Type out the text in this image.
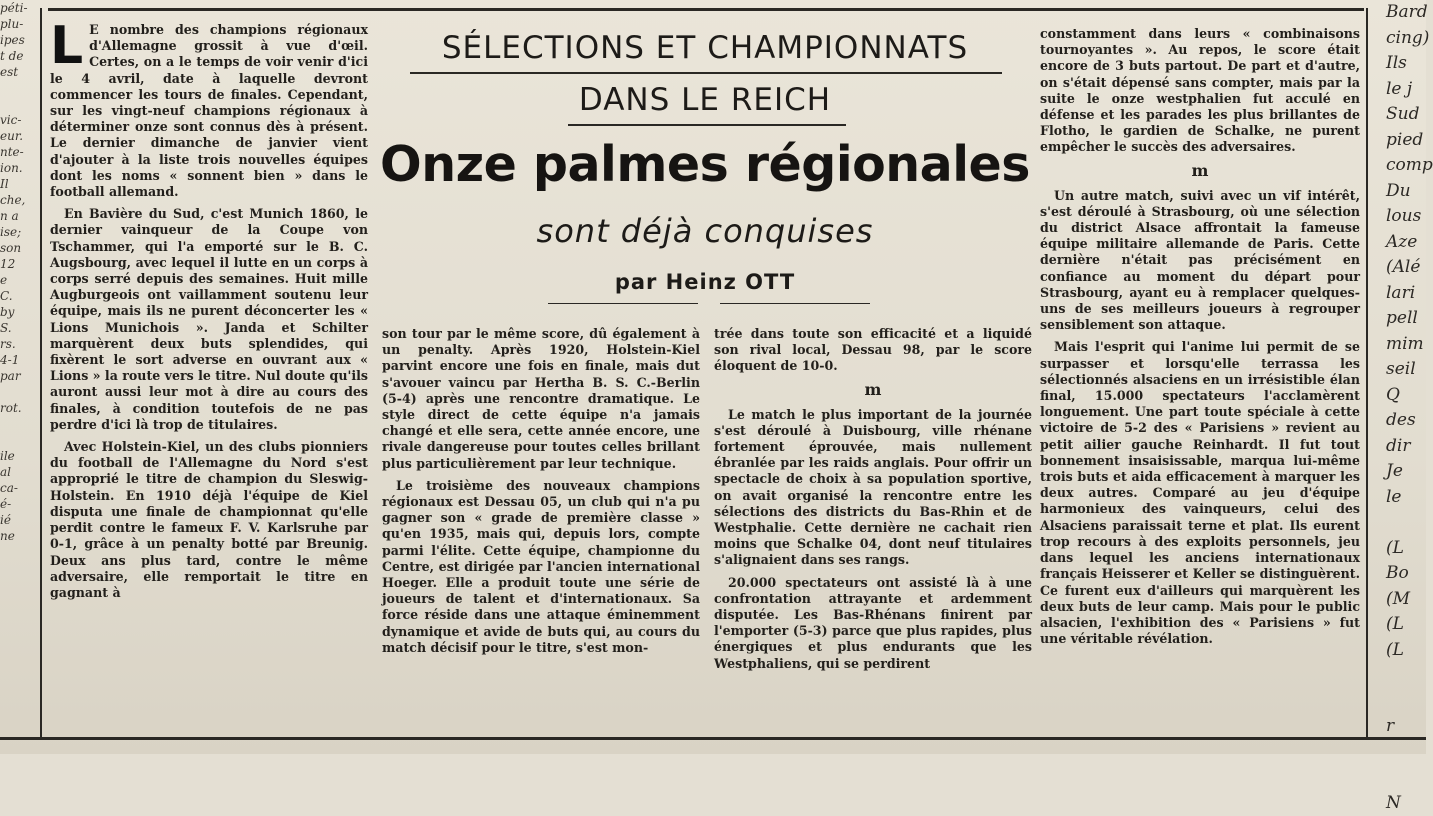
péti-
plu-
ipes
t de
est

vic-
eur.
nte-
ion.
Il
che,
n a
ise;
son
12
e
C.
by
S.
rs.
4-1
par

rot.

ile
al
ca-
é-
ié
ne

Bard
cing)
Ils
le j
Sud
pied
comp
Du
lous
Aze
(Alé
lari
pell
mim
seil
Q
des
dir
Je
le

(L
Bo
(M
(L
(L

r

N
SÉLECTIONS ET CHAMPIONNATS
DANS LE REICH
Onze palmes régionales
sont déjà conquises
par Heinz OTT

L E nombre des champions régionaux d'Allemagne grossit à vue d'œil. Certes, on a le temps de voir venir d'ici le 4 avril, date à laquelle devront commencer les tours de finales. Cependant, sur les vingt-neuf champions régionaux à déterminer onze sont connus dès à présent. Le dernier dimanche de janvier vient d'ajouter à la liste trois nouvelles équipes dont les noms « sonnent bien » dans le football allemand.

En Bavière du Sud, c'est Munich 1860, le dernier vainqueur de la Coupe von Tschammer, qui l'a emporté sur le B. C. Augsbourg, avec lequel il lutte en un corps à corps serré depuis des semaines. Huit mille Augburgeois ont vaillamment soutenu leur équipe, mais ils ne purent déconcerter les « Lions Munichois ». Janda et Schilter marquèrent deux buts splendides, qui fixèrent le sort adverse en ouvrant aux « Lions » la route vers le titre. Nul doute qu'ils auront aussi leur mot à dire au cours des finales, à condition toutefois de ne pas perdre d'ici là trop de titulaires.

Avec Holstein-Kiel, un des clubs pionniers du football de l'Allemagne du Nord s'est approprié le titre de champion du Sleswig-Holstein. En 1910 déjà l'équipe de Kiel disputa une finale de championnat qu'elle perdit contre le fameux F. V. Karlsruhe par 0-1, grâce à un penalty botté par Breunig. Deux ans plus tard, contre le même adversaire, elle remportait le titre en gagnant à

son tour par le même score, dû également à un penalty. Après 1920, Holstein-Kiel parvint encore une fois en finale, mais dut s'avouer vaincu par Hertha B. S. C.-Berlin (5-4) après une rencontre dramatique. Le style direct de cette équipe n'a jamais changé et elle sera, cette année encore, une rivale dangereuse pour toutes celles brillant plus particulièrement par leur technique.

Le troisième des nouveaux champions régionaux est Dessau 05, un club qui n'a pu gagner son « grade de première classe » qu'en 1935, mais qui, depuis lors, compte parmi l'élite. Cette équipe, championne du Centre, est dirigée par l'ancien international Hoeger. Elle a produit toute une série de joueurs de talent et d'internationaux. Sa force réside dans une attaque éminemment dynamique et avide de buts qui, au cours du match décisif pour le titre, s'est mon-

trée dans toute son efficacité et a liquidé son rival local, Dessau 98, par le score éloquent de 10-0.

m

Le match le plus important de la journée s'est déroulé à Duisbourg, ville rhénane fortement éprouvée, mais nullement ébranlée par les raids anglais. Pour offrir un spectacle de choix à sa population sportive, on avait organisé la rencontre entre les sélections des districts du Bas-Rhin et de Westphalie. Cette dernière ne cachait rien moins que Schalke 04, dont neuf titulaires s'alignaient dans ses rangs.

20.000 spectateurs ont assisté là à une confrontation attrayante et ardemment disputée. Les Bas-Rhénans finirent par l'emporter (5-3) parce que plus rapides, plus énergiques et plus endurants que les Westphaliens, qui se perdirent

constamment dans leurs « combinaisons tournoyantes ». Au repos, le score était encore de 3 buts partout. De part et d'autre, on s'était dépensé sans compter, mais par la suite le onze westphalien fut acculé en défense et les parades les plus brillantes de Flotho, le gardien de Schalke, ne purent empêcher le succès des adversaires.

m

Un autre match, suivi avec un vif intérêt, s'est déroulé à Strasbourg, où une sélection du district Alsace affrontait la fameuse équipe militaire allemande de Paris. Cette dernière n'était pas précisément en confiance au moment du départ pour Strasbourg, ayant eu à remplacer quelques-uns de ses meilleurs joueurs à regrouper sensiblement son attaque.

Mais l'esprit qui l'anime lui permit de se surpasser et lorsqu'elle terrassa les sélectionnés alsaciens en un irrésistible élan final, 15.000 spectateurs l'acclamèrent longuement. Une part toute spéciale à cette victoire de 5-2 des « Parisiens » revient au petit ailier gauche Reinhardt. Il fut tout bonnement insaisissable, marqua lui-même trois buts et aida efficacement à marquer les deux autres. Comparé au jeu d'équipe harmonieux des vainqueurs, celui des Alsaciens paraissait terne et plat. Ils eurent trop recours à des exploits personnels, jeu dans lequel les anciens internationaux français Heisserer et Keller se distinguèrent. Ce furent eux d'ailleurs qui marquèrent les deux buts de leur camp. Mais pour le public alsacien, l'exhibition des « Parisiens » fut une véritable révélation.
